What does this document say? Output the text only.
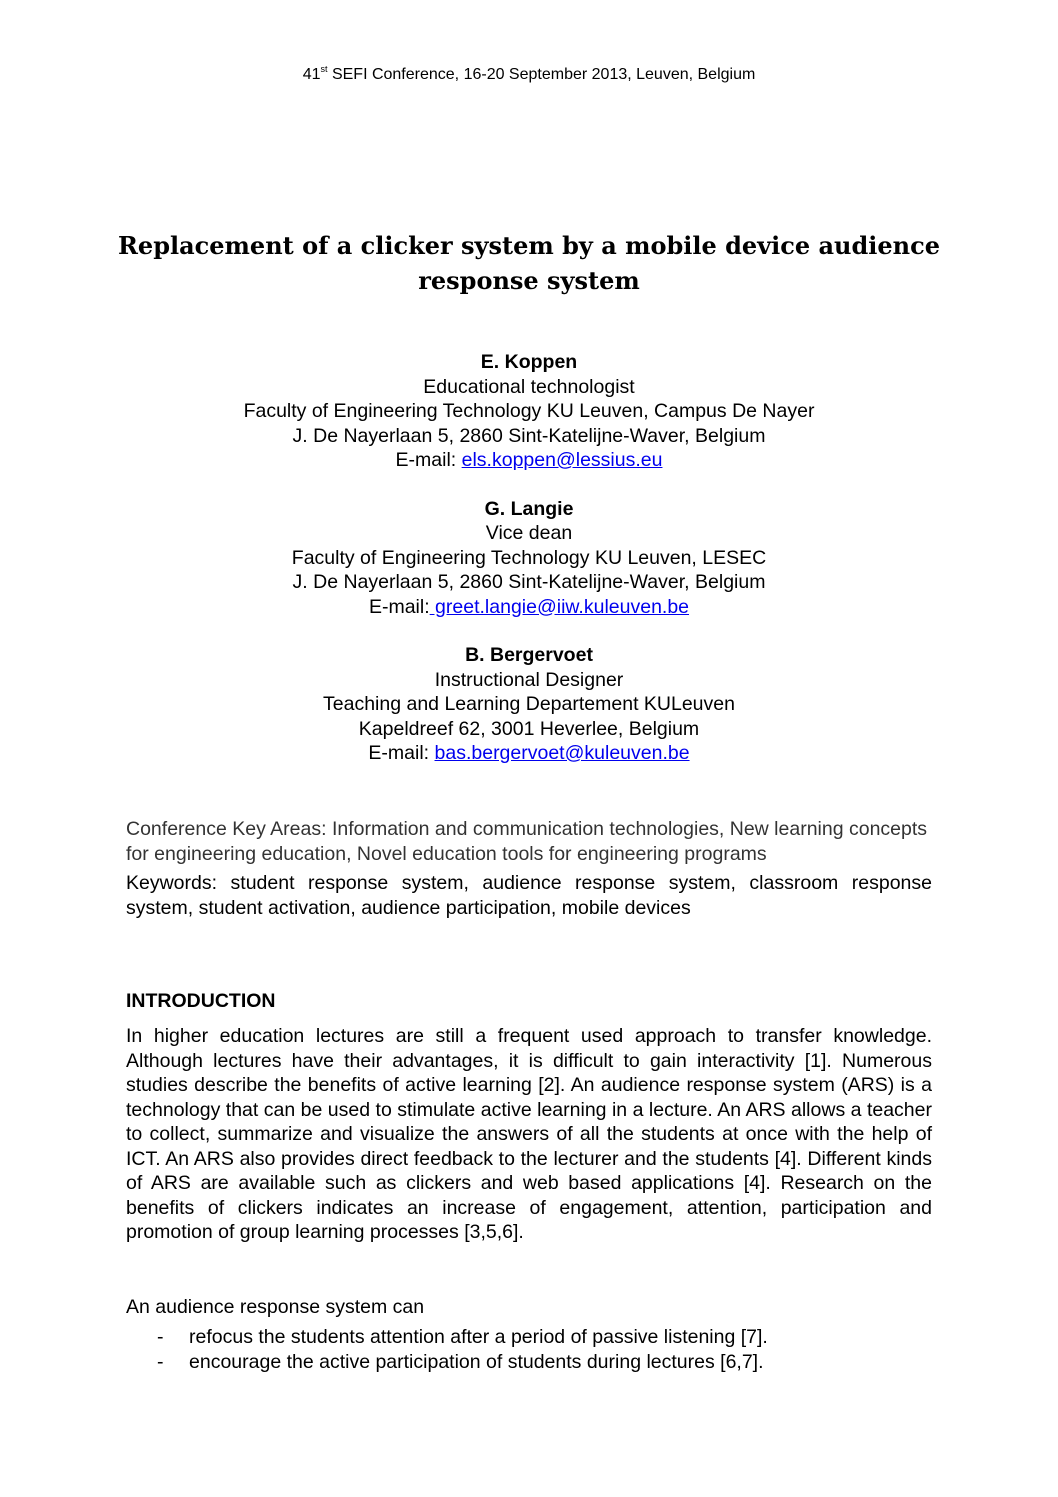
41st SEFI Conference, 16-20 September 2013, Leuven, Belgium
Replacement of a clicker system by a mobile device audience response system
E. Koppen
Educational technologist
Faculty of Engineering Technology KU Leuven, Campus De Nayer
J. De Nayerlaan 5, 2860 Sint-Katelijne-Waver, Belgium
E-mail: els.koppen@lessius.eu
G. Langie
Vice dean
Faculty of Engineering Technology KU Leuven, LESEC
J. De Nayerlaan 5, 2860 Sint-Katelijne-Waver, Belgium
E-mail: greet.langie@iiw.kuleuven.be
B. Bergervoet
Instructional Designer
Teaching and Learning Departement KULeuven
Kapeldreef 62, 3001 Heverlee, Belgium
E-mail: bas.bergervoet@kuleuven.be
Conference Key Areas: Information and communication technologies, New learning concepts for engineering education, Novel education tools for engineering programs
Keywords: student response system, audience response system, classroom response system, student activation, audience participation, mobile devices
INTRODUCTION
In higher education lectures are still a frequent used approach to transfer knowledge. Although lectures have their advantages, it is difficult to gain interactivity [1]. Numerous studies describe the benefits of active learning [2]. An audience response system (ARS) is a technology that can be used to stimulate active learning in a lecture. An ARS allows a teacher to collect, summarize and visualize the answers of all the students at once with the help of ICT. An ARS also provides direct feedback to the lecturer and the students [4]. Different kinds of ARS are available such as clickers and web based applications [4]. Research on the benefits of clickers indicates an increase of engagement, attention, participation and promotion of group learning processes [3,5,6].
An audience response system can
- refocus the students attention after a period of passive listening [7].
- encourage the active participation of students during lectures [6,7].
